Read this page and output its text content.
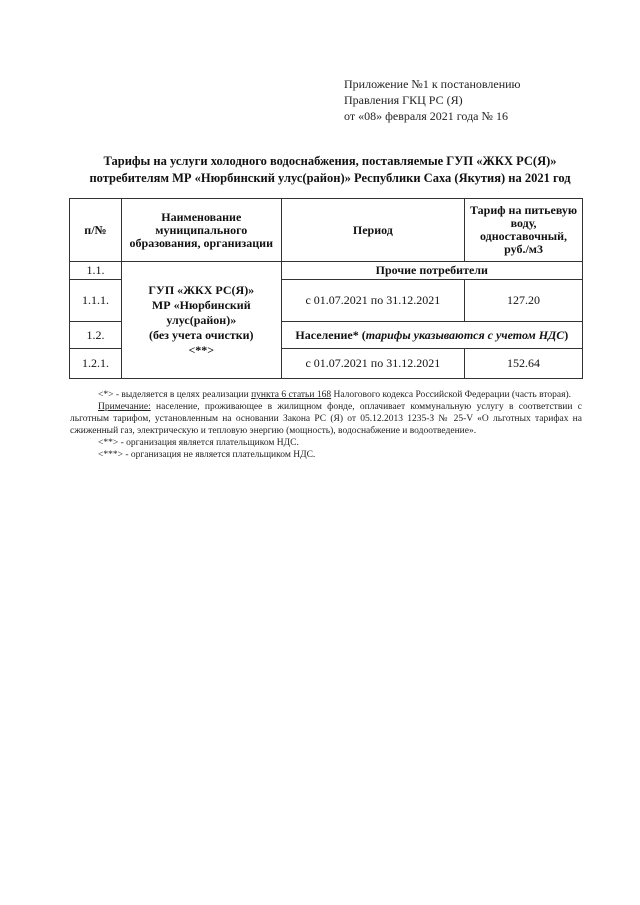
Приложение №1 к постановлению
Правления ГКЦ РС (Я)
от «08» февраля 2021 года № 16
Тарифы на услуги холодного водоснабжения, поставляемые ГУП «ЖКХ РС(Я)»
потребителям МР «Нюрбинский улус(район)» Республики Саха (Якутия) на 2021 год
п/№	Наименование муниципального образования, организации	Период	Тариф на питьевую воду, одноставочный, руб./м3
1.1.	ГУП «ЖКХ РС(Я)»
МР «Нюрбинский
улус(район)»
(без учета очистки)
<**>	Прочие потребители	
1.1.1.		с 01.07.2021 по 31.12.2021	127.20
1.2.		Население* (тарифы указываются с учетом НДС)	
1.2.1.		с 01.07.2021 по 31.12.2021	152.64

<*> - выделяется в целях реализации пункта 6 статьи 168 Налогового кодекса Российской Федерации (часть вторая).

Примечание: население, проживающее в жилищном фонде, оплачивает коммунальную услугу в соответствии с льготным тарифом, установленным на основании Закона РС (Я) от 05.12.2013 1235-З № 25-V «О льготных тарифах на сжиженный газ, электрическую и тепловую энергию (мощность), водоснабжение и водоотведение».

<**> - организация является плательщиком НДС.

<***> - организация не является плательщиком НДС.
